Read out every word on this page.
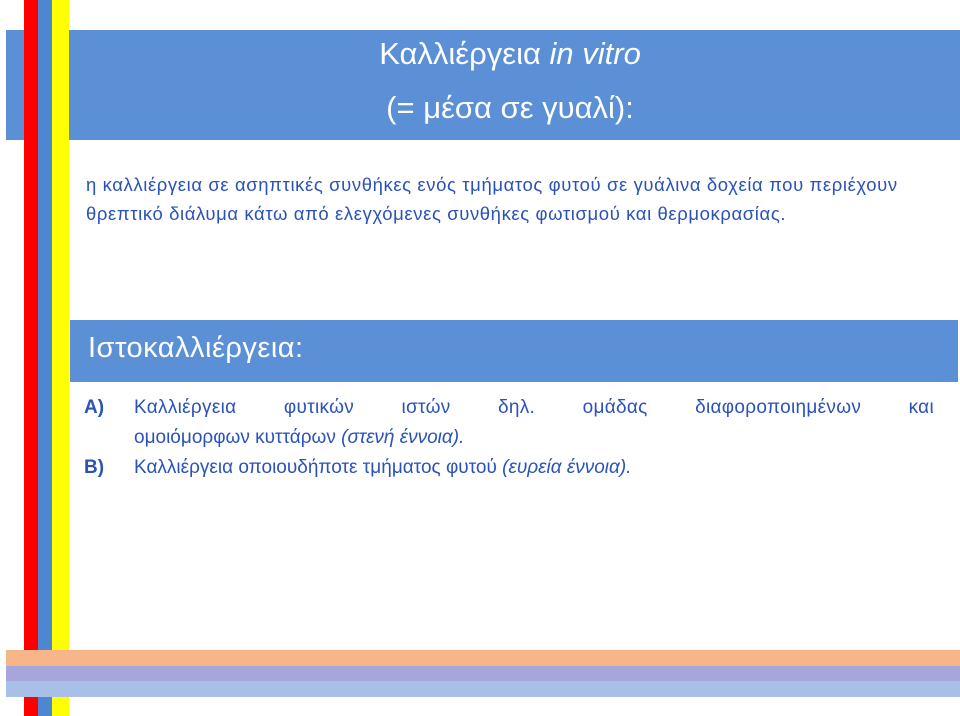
Καλλιέργεια in vitro
(= μέσα σε γυαλί):

η καλλιέργεια σε ασηπτικές συνθήκες ενός τμήματος φυτού σε γυάλινα δοχεία που περιέχουν θρεπτικό διάλυμα κάτω από ελεγχόμενες συνθήκες φωτισμού και θερμοκρασίας.

Ιστοκαλλιέργεια:
A) Καλλιέργεια φυτικών ιστών δηλ. ομάδας διαφοροποιημένων και
ομοιόμορφων κυττάρων (στενή έννοια).
B) Καλλιέργεια οποιουδήποτε τμήματος φυτού (ευρεία έννοια).
